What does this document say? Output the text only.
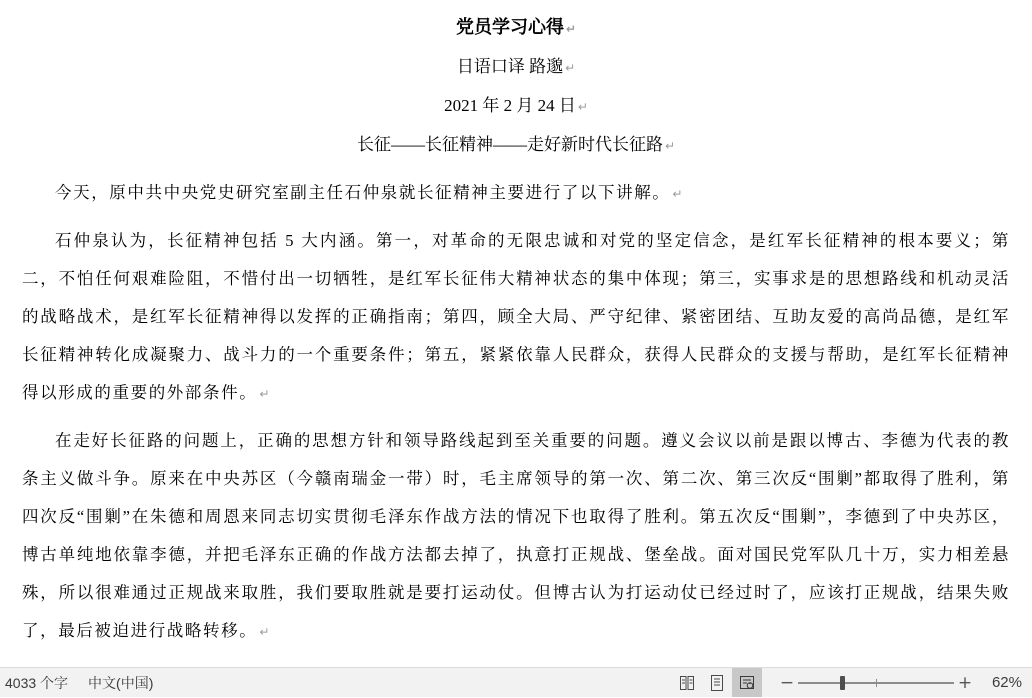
党员学习心得 ↵

日语口译 路邈 ↵

2021 年 2 月 24 日 ↵

长征——长征精神——走好新时代长征路 ↵

今天，原中共中央党史研究室副主任石仲泉就长征精神主要进行了以下讲解。 ↵

石仲泉认为，长征精神包括 5 大内涵。第一，对革命的无限忠诚和对党的坚定信念，是红军长征精神的根本要义；第二，不怕任何艰难险阻，不惜付出一切牺牲，是红军长征伟大精神状态的集中体现；第三，实事求是的思想路线和机动灵活的战略战术，是红军长征精神得以发挥的正确指南；第四，顾全大局、严守纪律、紧密团结、互助友爱的高尚品德，是红军长征精神转化成凝聚力、战斗力的一个重要条件；第五，紧紧依靠人民群众，获得人民群众的支援与帮助，是红军长征精神得以形成的重要的外部条件。 ↵

在走好长征路的问题上，正确的思想方针和领导路线起到至关重要的问题。遵义会议以前是跟以博古、李德为代表的教条主义做斗争。原来在中央苏区（今赣南瑞金一带）时，毛主席领导的第一次、第二次、第三次反“围剿”都取得了胜利，第四次反“围剿”在朱德和周恩来同志切实贯彻毛泽东作战方法的情况下也取得了胜利。第五次反“围剿”，李德到了中央苏区，博古单纯地依靠李德，并把毛泽东正确的作战方法都去掉了，执意打正规战、堡垒战。面对国民党军队几十万，实力相差悬殊，所以很难通过正规战来取胜，我们要取胜就是要打运动仗。但博古认为打运动仗已经过时了，应该打正规战，结果失败了，最后被迫进行战略转移。 ↵

4033 个字 中文(中国)	−	+	62%
